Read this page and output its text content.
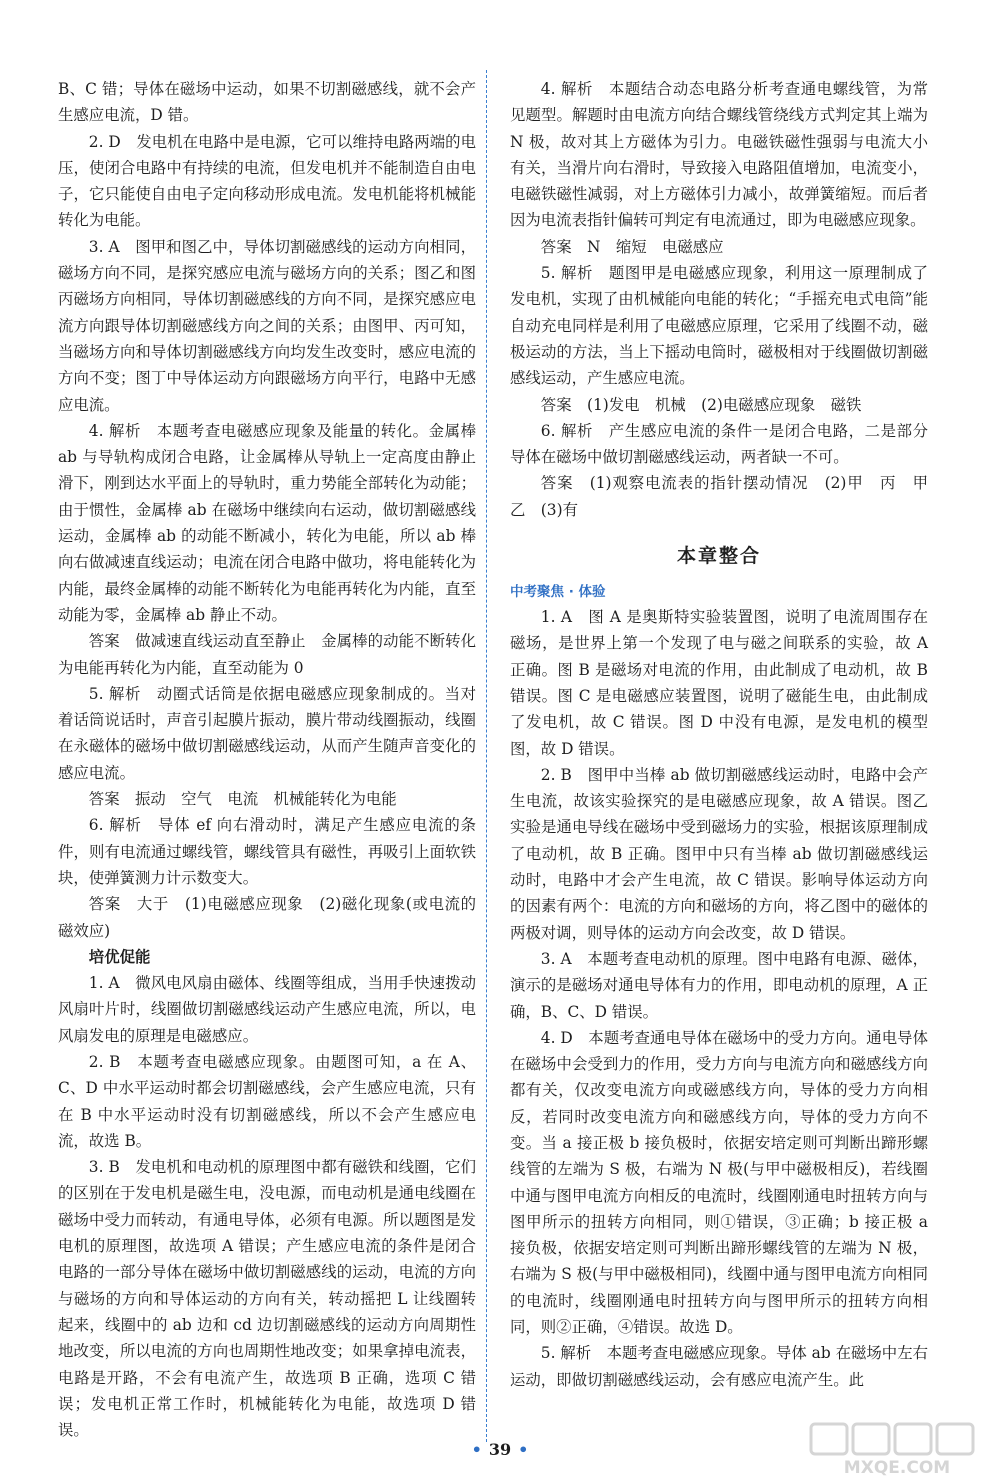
B、C 错；导体在磁场中运动，如果不切割磁感线，就不会产生感应电流，D 错。

2. D　发电机在电路中是电源，它可以维持电路两端的电压，使闭合电路中有持续的电流，但发电机并不能制造自由电子，它只能使自由电子定向移动形成电流。发电机能将机械能转化为电能。

3. A　图甲和图乙中，导体切割磁感线的运动方向相同，磁场方向不同，是探究感应电流与磁场方向的关系；图乙和图丙磁场方向相同，导体切割磁感线的方向不同，是探究感应电流方向跟导体切割磁感线方向之间的关系；由图甲、丙可知，当磁场方向和导体切割磁感线方向均发生改变时，感应电流的方向不变；图丁中导体运动方向跟磁场方向平行，电路中无感应电流。

4. 解析　本题考查电磁感应现象及能量的转化。金属棒 ab 与导轨构成闭合电路，让金属棒从导轨上一定高度由静止滑下，刚到达水平面上的导轨时，重力势能全部转化为动能；由于惯性，金属棒 ab 在磁场中继续向右运动，做切割磁感线运动，金属棒 ab 的动能不断减小，转化为电能，所以 ab 棒向右做减速直线运动；电流在闭合电路中做功，将电能转化为内能，最终金属棒的动能不断转化为电能再转化为内能，直至动能为零，金属棒 ab 静止不动。

答案　做减速直线运动直至静止　金属棒的动能不断转化为电能再转化为内能，直至动能为 0

5. 解析　动圈式话筒是依据电磁感应现象制成的。当对着话筒说话时，声音引起膜片振动，膜片带动线圈振动，线圈在永磁体的磁场中做切割磁感线运动，从而产生随声音变化的感应电流。

答案　振动　空气　电流　机械能转化为电能

6. 解析　导体 ef 向右滑动时，满足产生感应电流的条件，则有电流通过螺线管，螺线管具有磁性，再吸引上面软铁块，使弹簧测力计示数变大。

答案　大于　(1)电磁感应现象　(2)磁化现象(或电流的磁效应)

培优促能

1. A　微风电风扇由磁体、线圈等组成，当用手快速拨动风扇叶片时，线圈做切割磁感线运动产生感应电流，所以，电风扇发电的原理是电磁感应。

2. B　本题考查电磁感应现象。由题图可知，a 在 A、C、D 中水平运动时都会切割磁感线，会产生感应电流，只有在 B 中水平运动时没有切割磁感线，所以不会产生感应电流，故选 B。

3. B　发电机和电动机的原理图中都有磁铁和线圈，它们的区别在于发电机是磁生电，没电源，而电动机是通电线圈在磁场中受力而转动，有通电导体，必须有电源。所以题图是发电机的原理图，故选项 A 错误；产生感应电流的条件是闭合电路的一部分导体在磁场中做切割磁感线的运动，电流的方向与磁场的方向和导体运动的方向有关，转动摇把 L 让线圈转起来，线圈中的 ab 边和 cd 边切割磁感线的运动方向周期性地改变，所以电流的方向也周期性地改变；如果拿掉电流表，电路是开路，不会有电流产生，故选项 B 正确，选项 C 错误；发电机正常工作时，机械能转化为电能，故选项 D 错误。

4. 解析　本题结合动态电路分析考查通电螺线管，为常见题型。解题时由电流方向结合螺线管绕线方式判定其上端为 N 极，故对其上方磁体为引力。电磁铁磁性强弱与电流大小有关，当滑片向右滑时，导致接入电路阻值增加，电流变小，电磁铁磁性减弱，对上方磁体引力减小，故弹簧缩短。而后者因为电流表指针偏转可判定有电流通过，即为电磁感应现象。

答案　N　缩短　电磁感应

5. 解析　题图甲是电磁感应现象，利用这一原理制成了发电机，实现了由机械能向电能的转化；“手摇充电式电筒”能自动充电同样是利用了电磁感应原理，它采用了线圈不动，磁极运动的方法，当上下摇动电筒时，磁极相对于线圈做切割磁感线运动，产生感应电流。

答案　(1)发电　机械　(2)电磁感应现象　磁铁

6. 解析　产生感应电流的条件一是闭合电路，二是部分导体在磁场中做切割磁感线运动，两者缺一不可。

答案　(1)观察电流表的指针摆动情况　(2)甲　丙　甲　乙　(3)有

本章整合
中考聚焦 · 体验

1. A　图 A 是奥斯特实验装置图，说明了电流周围存在磁场，是世界上第一个发现了电与磁之间联系的实验，故 A 正确。图 B 是磁场对电流的作用，由此制成了电动机，故 B 错误。图 C 是电磁感应装置图，说明了磁能生电，由此制成了发电机，故 C 错误。图 D 中没有电源，是发电机的模型图，故 D 错误。

2. B　图甲中当棒 ab 做切割磁感线运动时，电路中会产生电流，故该实验探究的是电磁感应现象，故 A 错误。图乙实验是通电导线在磁场中受到磁场力的实验，根据该原理制成了电动机，故 B 正确。图甲中只有当棒 ab 做切割磁感线运动时，电路中才会产生电流，故 C 错误。影响导体运动方向的因素有两个：电流的方向和磁场的方向，将乙图中的磁体的两极对调，则导体的运动方向会改变，故 D 错误。

3. A　本题考查电动机的原理。图中电路有电源、磁体，演示的是磁场对通电导体有力的作用，即电动机的原理，A 正确，B、C、D 错误。

4. D　本题考查通电导体在磁场中的受力方向。通电导体在磁场中会受到力的作用，受力方向与电流方向和磁感线方向都有关，仅改变电流方向或磁感线方向，导体的受力方向相反，若同时改变电流方向和磁感线方向，导体的受力方向不变。当 a 接正极 b 接负极时，依据安培定则可判断出蹄形螺线管的左端为 S 极，右端为 N 极(与甲中磁极相反)，若线圈中通与图甲电流方向相反的电流时，线圈刚通电时扭转方向与图甲所示的扭转方向相同，则①错误，③正确；b 接正极 a 接负极，依据安培定则可判断出蹄形螺线管的左端为 N 极，右端为 S 极(与甲中磁极相同)，线圈中通与图甲电流方向相同的电流时，线圈刚通电时扭转方向与图甲所示的扭转方向相同，则②正确，④错误。故选 D。

5. 解析　本题考查电磁感应现象。导体 ab 在磁场中左右运动，即做切割磁感线运动，会有感应电流产生。此

• 39 •
MXQE.COM
